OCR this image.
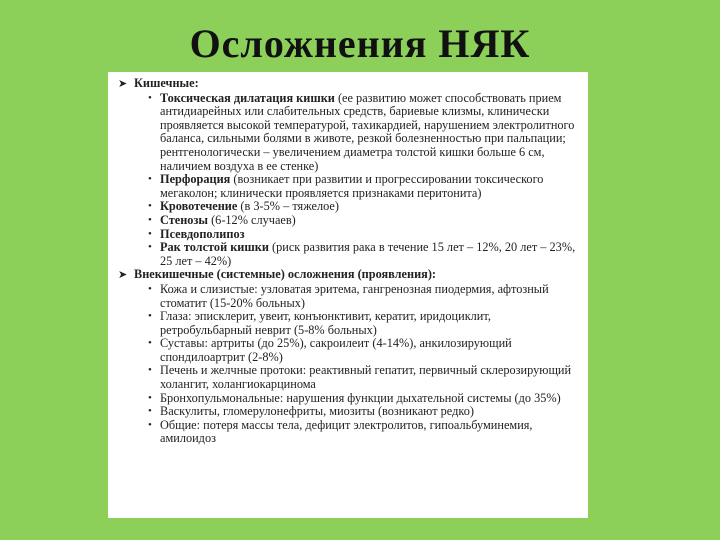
Осложнения НЯК
➤ Кишечные:
• Токсическая дилатация кишки (ее развитию может способствовать прием антидиарейных или слабительных средств, бариевые клизмы, клинически проявляется высокой температурой, тахикардией, нарушением электролитного баланса, сильными болями в животе, резкой болезненностью при пальпации; рентгенологически – увеличением диаметра толстой кишки больше 6 см, наличием воздуха в ее стенке)
• Перфорация (возникает при развитии и прогрессировании токсического мегаколон; клинически проявляется признаками перитонита)
• Кровотечение (в 3-5% – тяжелое)
• Стенозы (6-12% случаев)
• Псевдополипоз
• Рак толстой кишки (риск развития рака в течение 15 лет – 12%, 20 лет – 23%, 25 лет – 42%)
➤ Внекишечные (системные) осложнения (проявления):
• Кожа и слизистые: узловатая эритема, гангренозная пиодермия, афтозный стоматит (15-20% больных)
• Глаза: эписклерит, увеит, конъюнктивит, кератит, иридоциклит, ретробульбарный неврит (5-8% больных)
• Суставы: артриты (до 25%), сакроилеит (4-14%), анкилозирующий спондилоартрит (2-8%)
• Печень и желчные протоки: реактивный гепатит, первичный склерозирующий холангит, холангиокарцинома
• Бронхопульмональные: нарушения функции дыхательной системы (до 35%)
• Васкулиты, гломерулонефриты, миозиты (возникают редко)
• Общие: потеря массы тела, дефицит электролитов, гипоальбуминемия, амилоидоз
